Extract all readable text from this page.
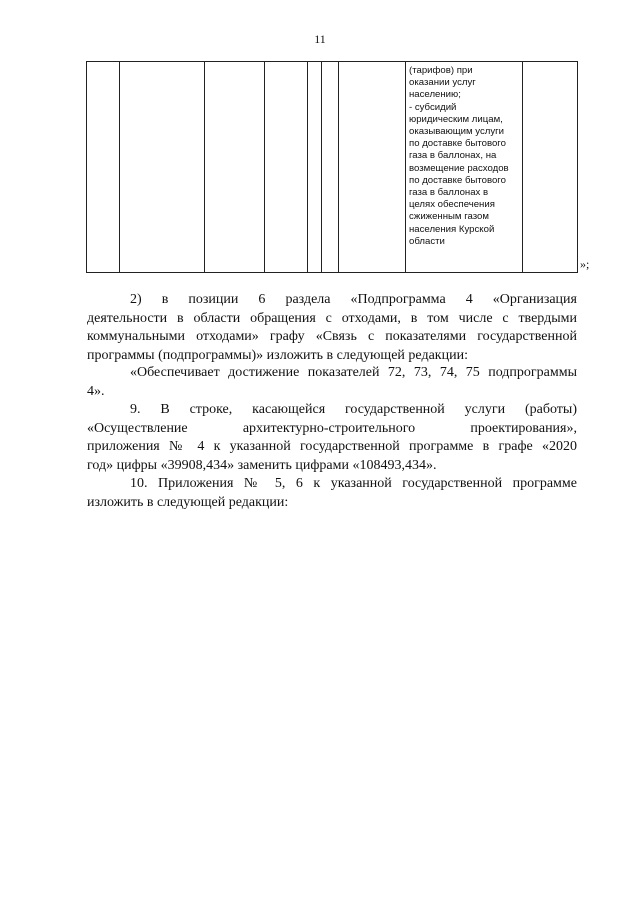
11

(тарифов) при
оказании услуг
населению;
- субсидий
юридическим лицам,
оказывающим услуги
по доставке бытового
газа в баллонах, на
возмещение расходов
по доставке бытового
газа в баллонах в
целях обеспечения
сжиженным газом
населения Курской
области

»;
2) в позиции 6 раздела «Подпрограмма 4 «Организация
деятельности в области обращения с отходами, в том числе с твердыми
коммунальными отходами» графу «Связь с показателями государственной
программы (подпрограммы)» изложить в следующей редакции:
«Обеспечивает достижение показателей 72, 73, 74, 75 подпрограммы
4».
9. В строке, касающейся государственной услуги (работы)
«Осуществление архитектурно-строительного проектирования»,
приложения № 4 к указанной государственной программе в графе «2020
год» цифры «39908,434» заменить цифрами «108493,434».
10. Приложения № 5, 6 к указанной государственной программе
изложить в следующей редакции:
